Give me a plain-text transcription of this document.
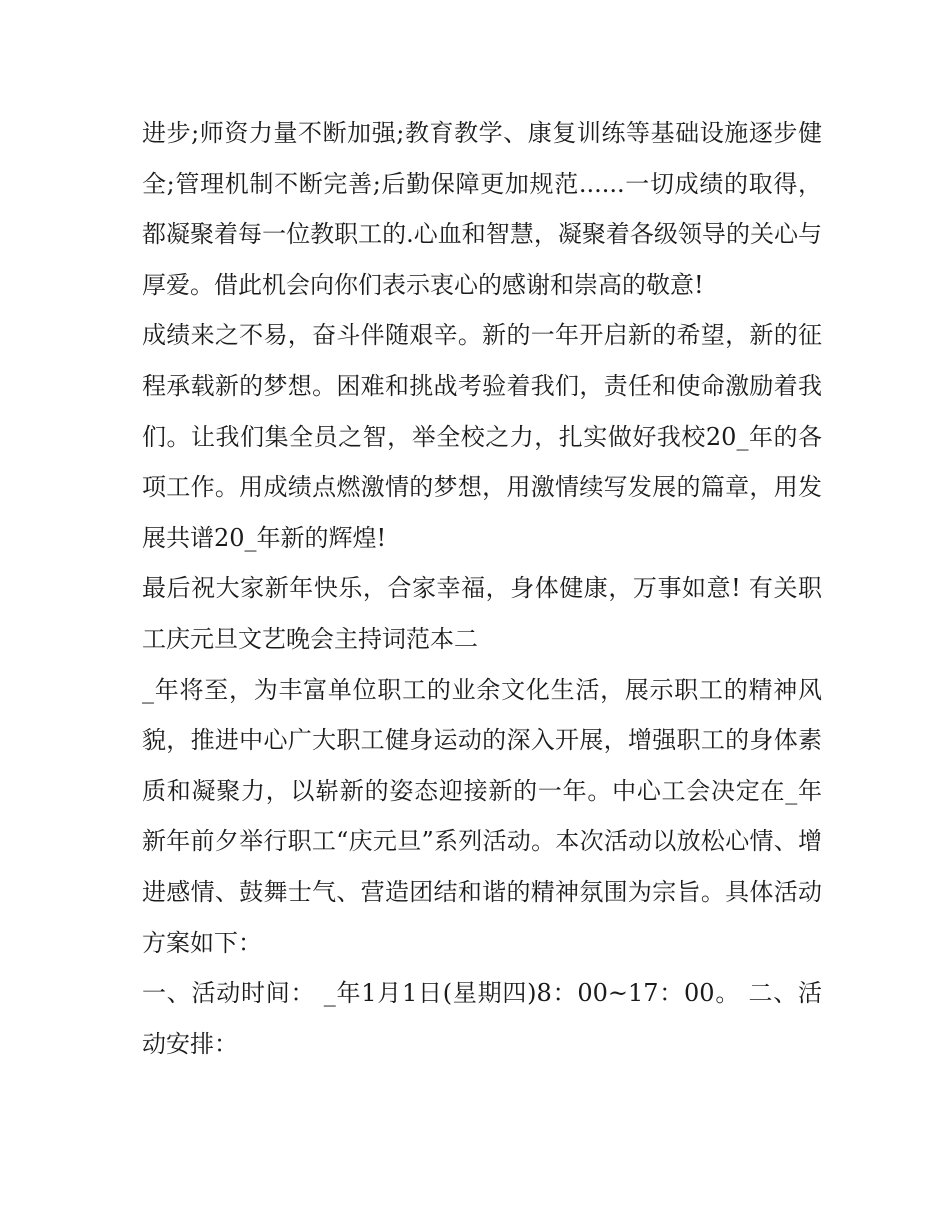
进步;师资力量不断加强;教育教学、康复训练等基础设施逐步健全;管理机制不断完善;后勤保障更加规范......一切成绩的取得，都凝聚着每一位教职工的.心血和智慧，凝聚着各级领导的关心与厚爱。借此机会向你们表示衷心的感谢和崇高的敬意!

成绩来之不易，奋斗伴随艰辛。新的一年开启新的希望，新的征程承载新的梦想。困难和挑战考验着我们，责任和使命激励着我们。让我们集全员之智，举全校之力，扎实做好我校20_年的各项工作。用成绩点燃激情的梦想，用激情续写发展的篇章，用发展共谱20_年新的辉煌!

最后祝大家新年快乐，合家幸福，身体健康，万事如意! 有关职工庆元旦文艺晚会主持词范本二

_年将至，为丰富单位职工的业余文化生活，展示职工的精神风貌，推进中心广大职工健身运动的深入开展，增强职工的身体素质和凝聚力，以崭新的姿态迎接新的一年。中心工会决定在_年新年前夕举行职工“庆元旦”系列活动。本次活动以放松心情、增进感情、鼓舞士气、营造团结和谐的精神氛围为宗旨。具体活动方案如下：

一、活动时间： _年1月1日(星期四)8：00~17：00。 二、活动安排：
